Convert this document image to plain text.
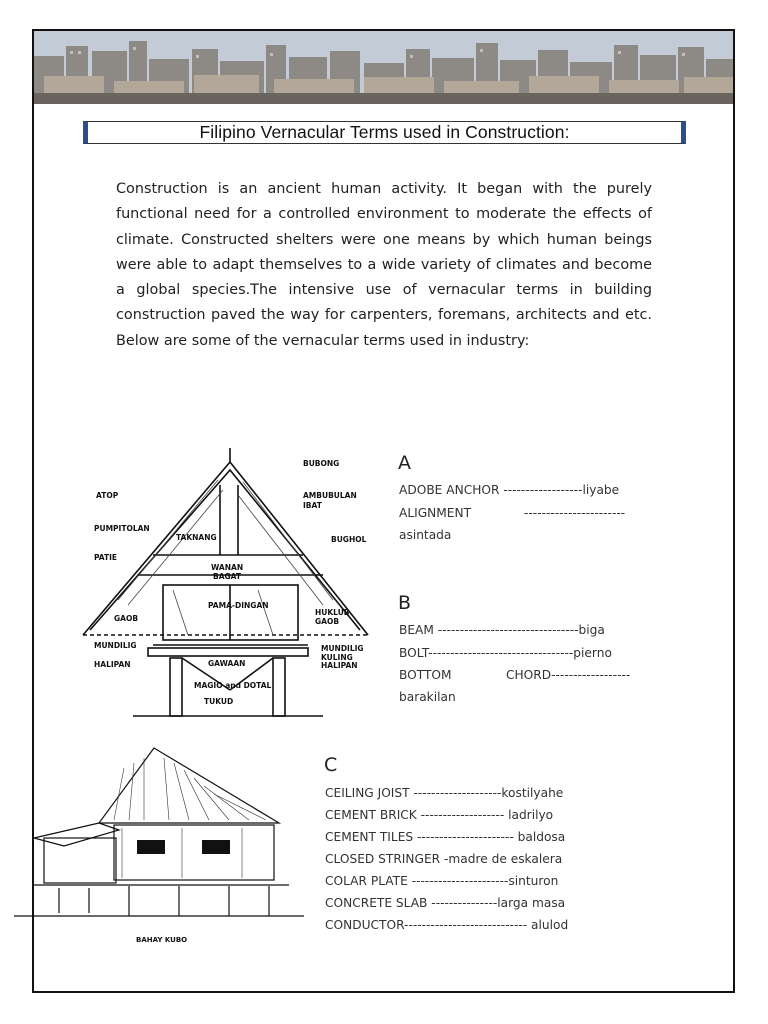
Filipino Vernacular Terms used in Construction:
Construction is an ancient human activity. It began with the purely functional need for a controlled environment to moderate the effects of climate. Constructed shelters were one means by which human beings were able to adapt themselves to a wide variety of climates and become a global species.The intensive use of vernacular terms in building construction paved the way for carpenters, foremans, architects and etc. Below are some of the vernacular terms used in industry:
BUBONG
ATOP	AMBUBULAN
IBAT
PUMPITOLAN
TAKNANG	BUGHOL
PATIE
WANAN
BAGAT
PAMA-DINGAN
GAOB
HUKLUB
GAOB
MUNDILIG
HALIPAN
MUNDILIG
KULING
HALIPAN
GAWAAN
MAGIO and DOTAL
TUKUD
BAHAY KUBO
A
ADOBE ANCHOR ------------------liyabe
ALIGNMENT	-----------------------
asintada
B
BEAM --------------------------------biga
BOLT---------------------------------pierno
BOTTOM	CHORD------------------
barakilan
C
CEILING JOIST --------------------kostilyahe
CEMENT BRICK ------------------- ladrilyo
CEMENT TILES ---------------------- baldosa
CLOSED STRINGER -madre de eskalera
COLAR PLATE ----------------------sinturon
CONCRETE SLAB ---------------larga masa
CONDUCTOR---------------------------- alulod
